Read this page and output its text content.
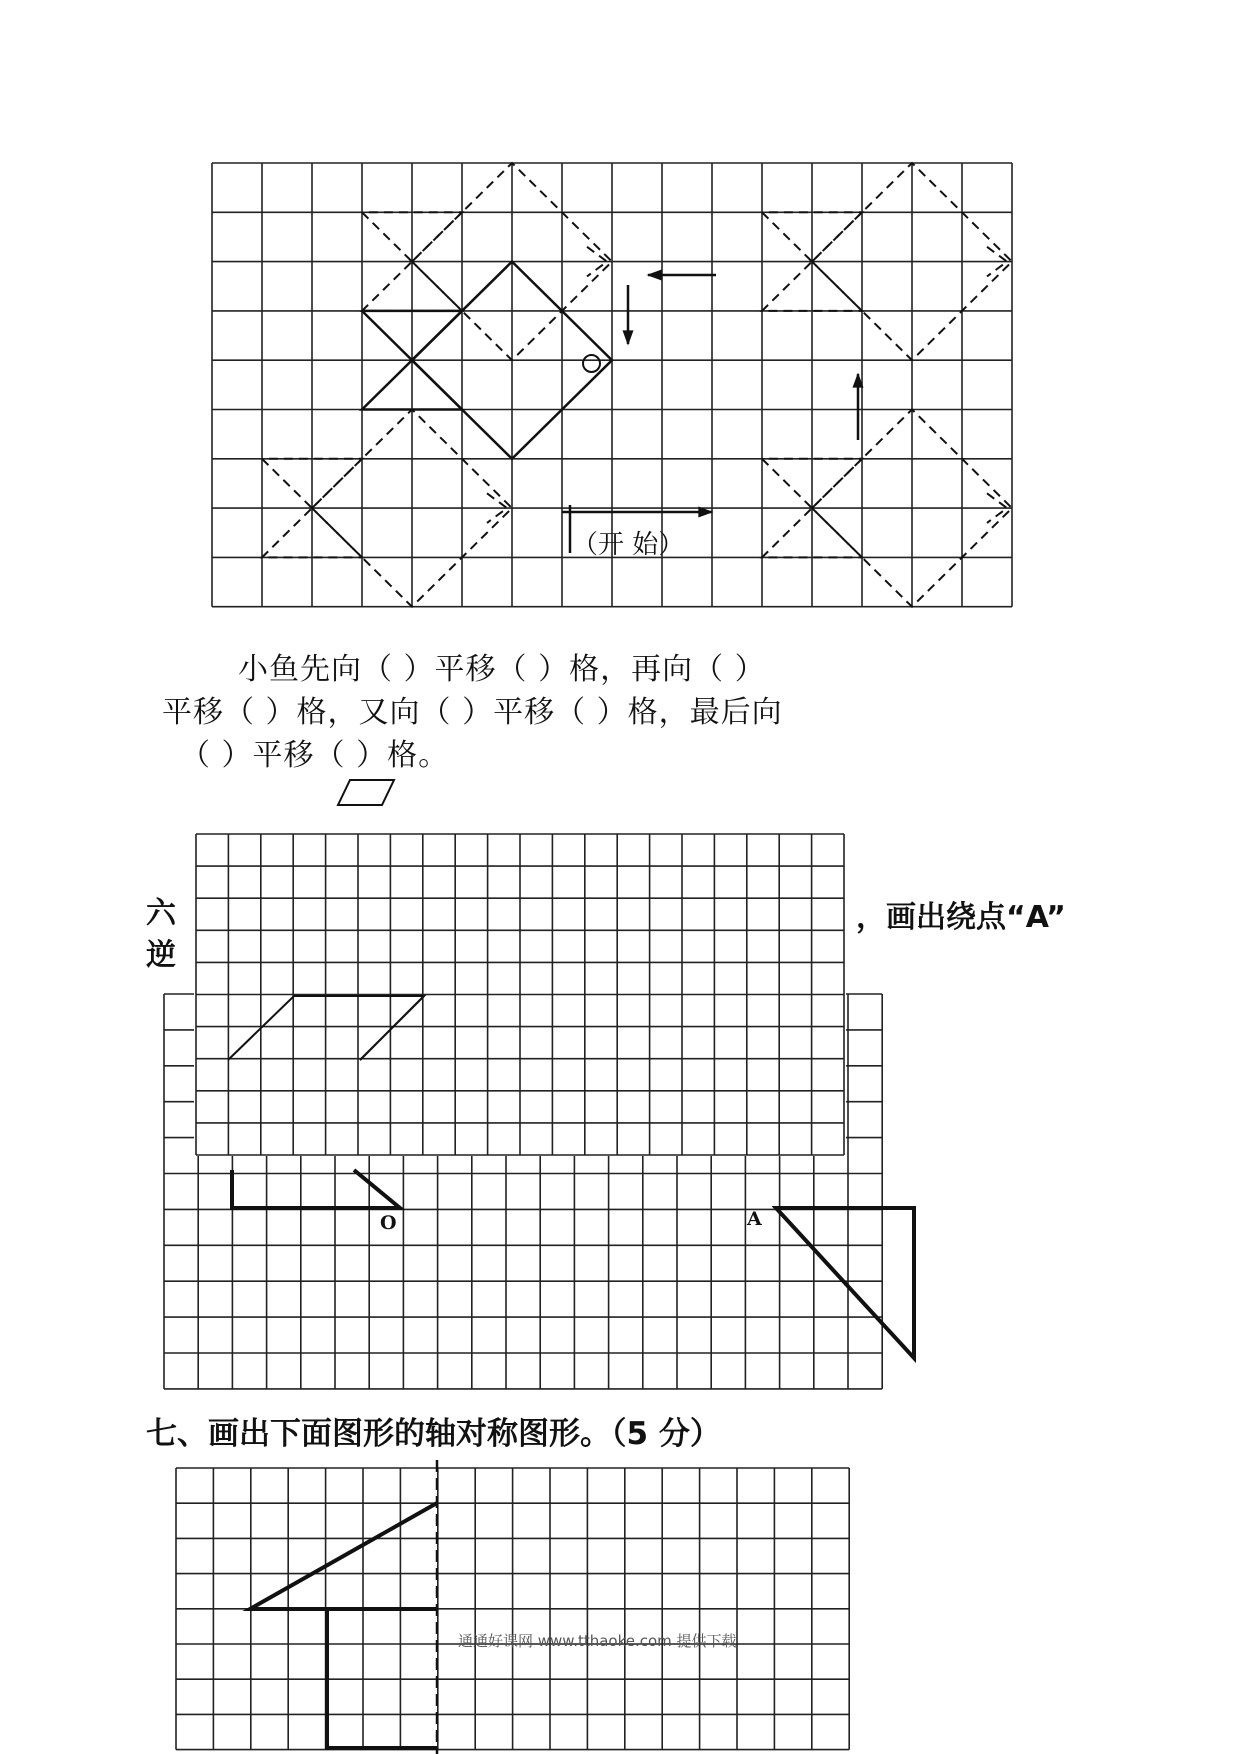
（开 始）
小鱼先向（ ）平移（ ）格，再向（ ）
平移（ ）格，又向（ ）平移（ ）格，最后向
（ ）平移（ ）格。
六
逆
，画出绕点“A”
O	A
七、画出下面图形的轴对称图形。（5 分）
通通好课网 www.tthaoke.com 提供下载
